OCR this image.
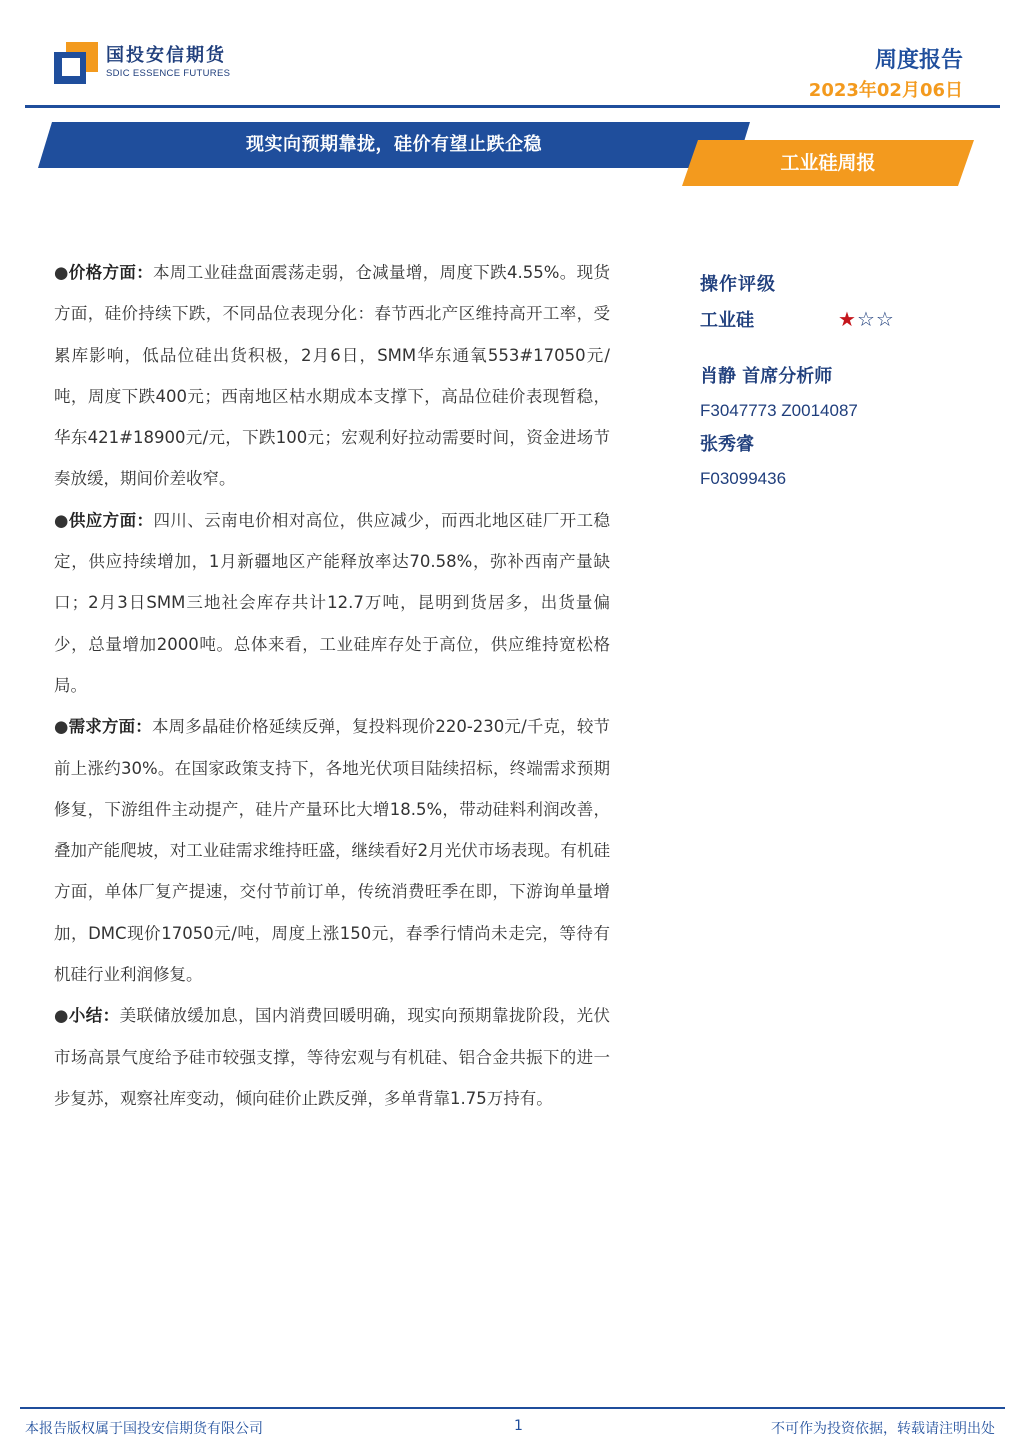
国投安信期货
SDIC ESSENCE FUTURES
周度报告
2023年02月06日
现实向预期靠拢，硅价有望止跌企稳
工业硅周报

●价格方面：本周工业硅盘面震荡走弱，仓减量增，周度下跌4.55%。现货方面，硅价持续下跌，不同品位表现分化：春节西北产区维持高开工率，受累库影响，低品位硅出货积极，2月6日，SMM华东通氧553#17050元/吨，周度下跌400元；西南地区枯水期成本支撑下，高品位硅价表现暂稳，华东421#18900元/元，下跌100元；宏观利好拉动需要时间，资金进场节奏放缓，期间价差收窄。

●供应方面：四川、云南电价相对高位，供应减少，而西北地区硅厂开工稳定，供应持续增加，1月新疆地区产能释放率达70.58%，弥补西南产量缺口；2月3日SMM三地社会库存共计12.7万吨，昆明到货居多，出货量偏少，总量增加2000吨。总体来看，工业硅库存处于高位，供应维持宽松格局。

●需求方面：本周多晶硅价格延续反弹，复投料现价220-230元/千克，较节前上涨约30%。在国家政策支持下，各地光伏项目陆续招标，终端需求预期修复，下游组件主动提产，硅片产量环比大增18.5%，带动硅料利润改善，叠加产能爬坡，对工业硅需求维持旺盛，继续看好2月光伏市场表现。有机硅方面，单体厂复产提速，交付节前订单，传统消费旺季在即，下游询单量增加，DMC现价17050元/吨，周度上涨150元，春季行情尚未走完，等待有机硅行业利润修复。

●小结：美联储放缓加息，国内消费回暖明确，现实向预期靠拢阶段，光伏市场高景气度给予硅市较强支撑，等待宏观与有机硅、铝合金共振下的进一步复苏，观察社库变动，倾向硅价止跌反弹，多单背靠1.75万持有。

操作评级
工业硅	★☆☆
肖静 首席分析师
F3047773 Z0014087
张秀睿
F03099436
本报告版权属于国投安信期货有限公司	1	不可作为投资依据，转载请注明出处
